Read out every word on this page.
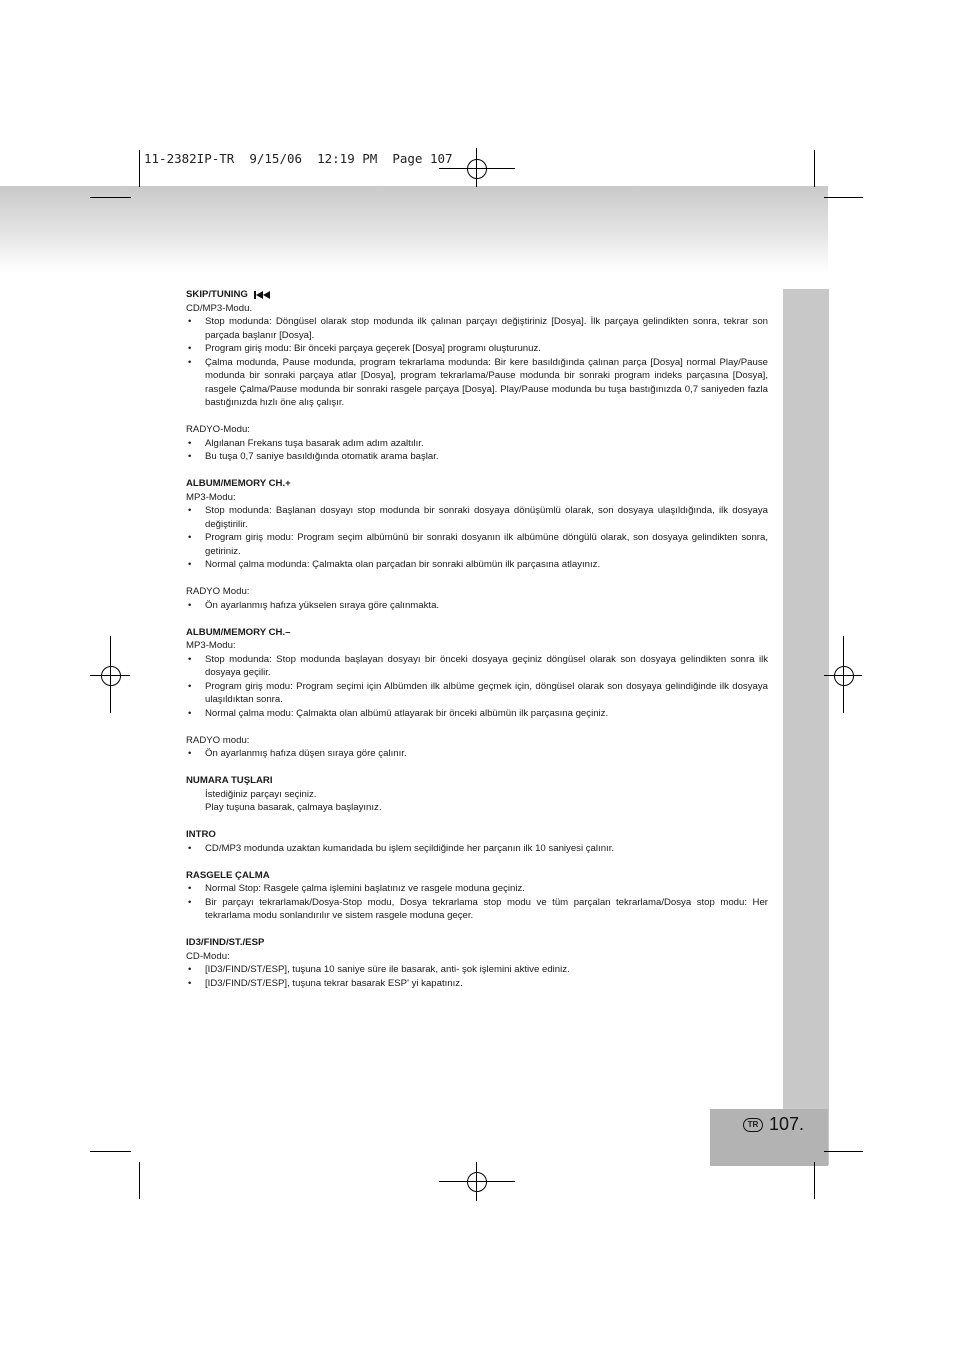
11-2382IP-TR  9/15/06  12:19 PM  Page 107
TR 107.
SKIP/TUNING

CD/MP3-Modu.

• Stop modunda: Döngüsel olarak stop modunda ilk çalınan parçayı değiştiriniz [Dosya]. İlk parçaya gelindikten sonra, tekrar son parçada başlanır [Dosya].
• Program giriş modu: Bir önceki parçaya geçerek [Dosya] programı oluşturunuz.
• Çalma modunda, Pause modunda, program tekrarlama modunda: Bir kere basıldığında çalınan parça [Dosya] normal Play/Pause modunda bir sonraki parçaya atlar [Dosya], program tekrarlama/Pause modunda bir sonraki program indeks parçasına [Dosya], rasgele Çalma/Pause modunda bir sonraki rasgele parçaya [Dosya]. Play/Pause modunda bu tuşa bastığınızda 0,7 saniyeden fazla bastığınızda hızlı öne alış çalışır.

RADYO-Modu:

• Algılanan Frekans tuşa basarak adım adım azaltılır.
• Bu tuşa 0,7 saniye basıldığında otomatik arama başlar.
ALBUM/MEMORY CH.+

MP3-Modu:

• Stop modunda: Başlanan dosyayı stop modunda bir sonraki dosyaya dönüşümlü olarak, son dosyaya ulaşıldığında, ilk dosyaya değiştirilir.
• Program giriş modu: Program seçim albümünü bir sonraki dosyanın ilk albümüne döngülü olarak, son dosyaya gelindikten sonra, getiriniz.
• Normal çalma modunda: Çalmakta olan parçadan bir sonraki albümün ilk parçasına atlayınız.

RADYO Modu:

• Ön ayarlanmış hafıza yükselen sıraya göre çalınmakta.
ALBUM/MEMORY CH.–

MP3-Modu:

• Stop modunda: Stop modunda başlayan dosyayı bir önceki dosyaya geçiniz döngüsel olarak son dosyaya gelindikten sonra ilk dosyaya geçilir.
• Program giriş modu: Program seçimi için Albümden ilk albüme geçmek için, döngüsel olarak son dosyaya gelindiğinde ilk dosyaya ulaşıldıktan sonra.
• Normal çalma modu: Çalmakta olan albümü atlayarak bir önceki albümün ilk parçasına geçiniz.

RADYO modu:

• Ön ayarlanmış hafıza düşen sıraya göre çalınır.
NUMARA TUŞLARI

İstediğiniz parçayı seçiniz.

Play tuşuna basarak, çalmaya başlayınız.

INTRO
• CD/MP3 modunda uzaktan kumandada bu işlem seçildiğinde her parçanın ilk 10 saniyesi çalınır.
RASGELE ÇALMA
• Normal Stop: Rasgele çalma işlemini başlatınız ve rasgele moduna geçiniz.
• Bir parçayı tekrarlamak/Dosya-Stop modu, Dosya tekrarlama stop modu ve tüm parçalan tekrarlama/Dosya stop modu: Her tekrarlama modu sonlandırılır ve sistem rasgele moduna geçer.
ID3/FIND/ST./ESP

CD-Modu:

• [ID3/FIND/ST/ESP], tuşuna 10 saniye süre ile basarak, anti- şok işlemini aktive ediniz.
• [ID3/FIND/ST/ESP], tuşuna tekrar basarak ESP' yi kapatınız.
